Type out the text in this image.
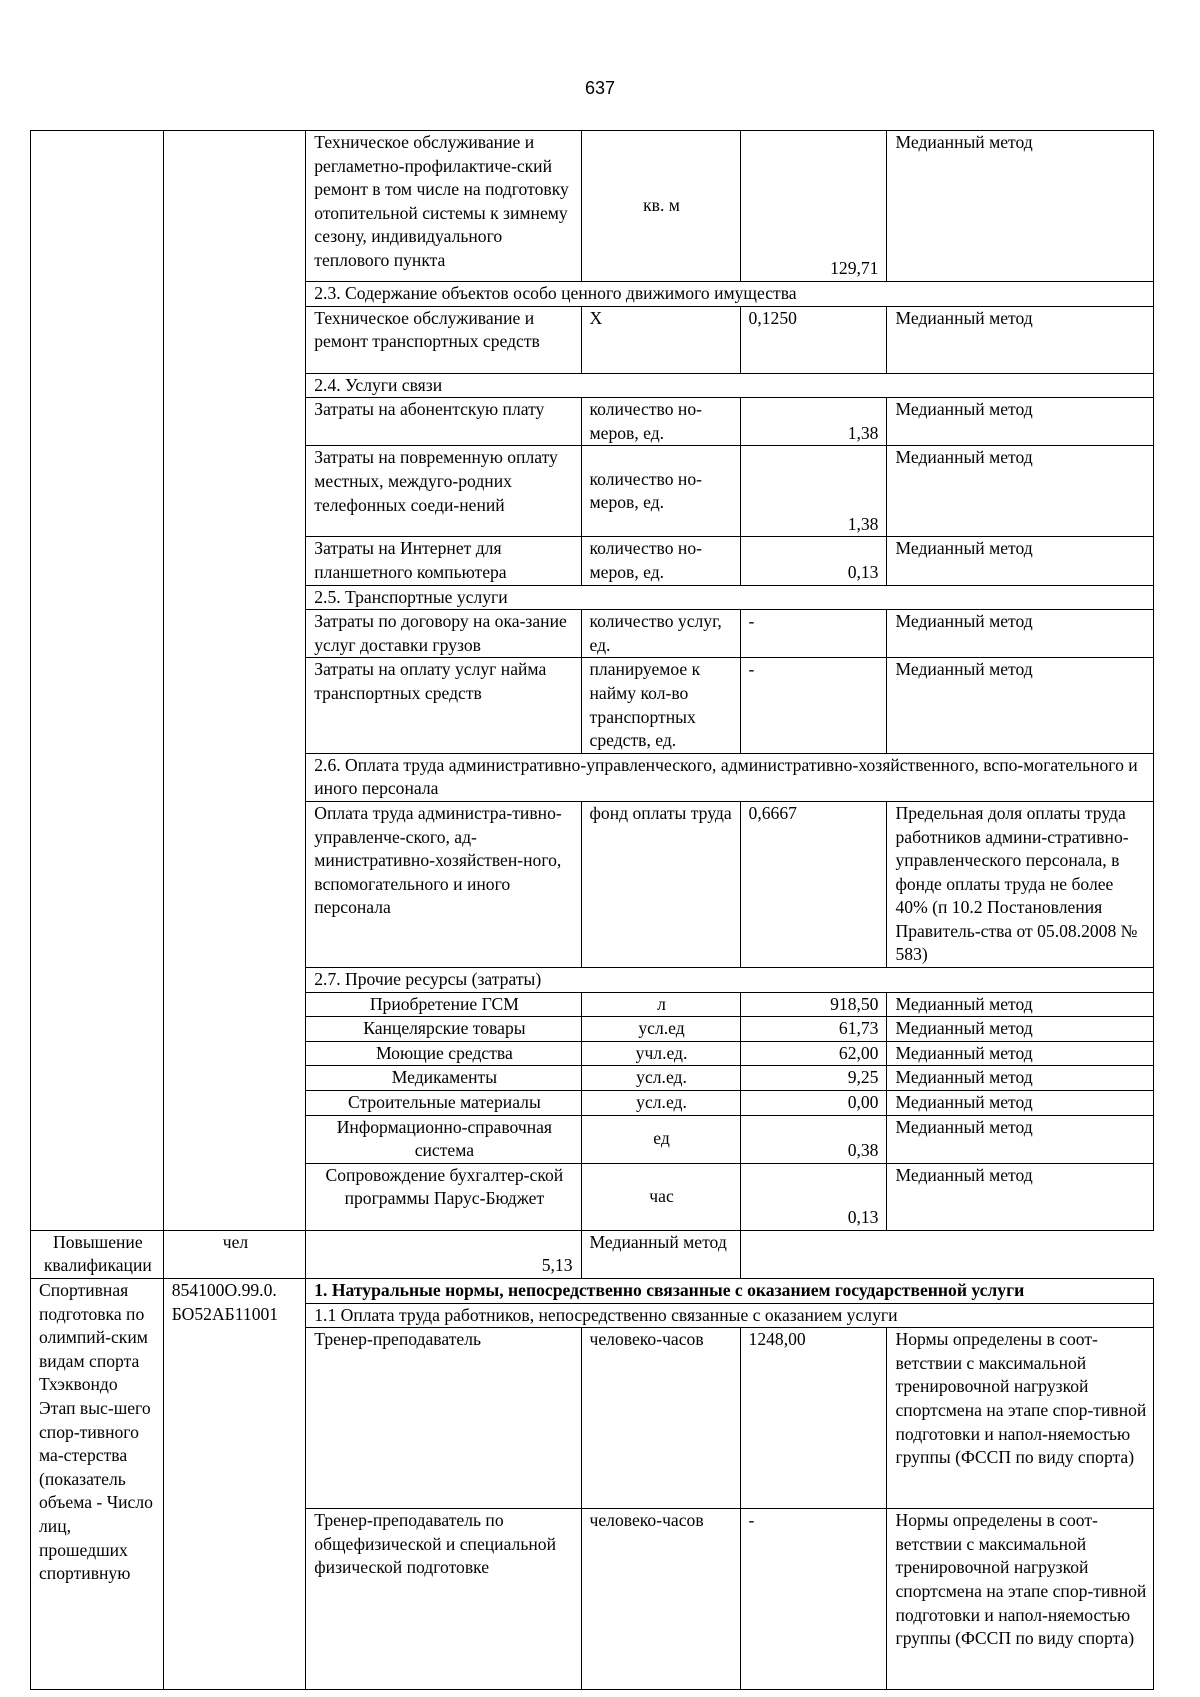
637
		Техническое обслуживание и регламетно-профилактиче-ский ремонт в том числе на подготовку отопительной системы к зимнему сезону, индивидуального теплового пункта	кв. м	129,71	Медианный метод
		2.3. Содержание объектов особо ценного движимого имущества			
		Техническое обслуживание и ремонт транспортных средств	Х	0,1250	Медианный метод
		2.4. Услуги связи			
		Затраты на абонентскую плату	количество но-меров, ед.	1,38	Медианный метод
		Затраты на повременную оплату местных, междуго-родних телефонных соеди-нений	количество но-меров, ед.	1,38	Медианный метод
		Затраты на Интернет для планшетного компьютера	количество но-меров, ед.	0,13	Медианный метод
		2.5. Транспортные услуги			
		Затраты по договору на ока-зание услуг доставки грузов	количество услуг, ед.	-	Медианный метод
		Затраты на оплату услуг найма транспортных средств	планируемое к найму кол-во транспортных средств, ед.	-	Медианный метод
		2.6. Оплата труда административно-управленческого, административно-хозяйственного, вспо-могательного и иного персонала			
		Оплата труда администра-тивно-управленче-ского, ад-министративно-хозяйствен-ного, вспомогательного и иного персонала	фонд оплаты труда	0,6667	Предельная доля оплаты труда работников админи-стративно-управленческого персонала, в фонде оплаты труда не более 40% (п 10.2 Постановления Правитель-ства от 05.08.2008 № 583)
		2.7. Прочие ресурсы (затраты)			
		Приобретение ГСМ	л	918,50	Медианный метод
		Канцелярские товары	усл.ед	61,73	Медианный метод
		Моющие средства	учл.ед.	62,00	Медианный метод
		Медикаменты	усл.ед.	9,25	Медианный метод
		Строительные материалы	усл.ед.	0,00	Медианный метод
		Информационно-справочная система	ед	0,38	Медианный метод
		Сопровождение бухгалтер-ской программы Парус-Бюджет	час	0,13	Медианный метод
Повышение квалификации	чел	5,13	Медианный метод		
Спортивная подготовка по олимпий-ским видам спорта Тхэквондо Этап выс-шего спор-тивного ма-стерства (показатель объема - Число лиц, прошедших спортивную	854100О.99.0. БО52АБ11001	1. Натуральные нормы, непосредственно связанные с оказанием государственной услуги			
		1.1 Оплата труда работников, непосредственно связанные с оказанием услуги			
		Тренер-преподаватель	человеко-часов	1248,00	Нормы определены в соот-ветствии с максимальной тренировочной нагрузкой спортсмена на этапе спор-тивной подготовки и напол-няемостью группы (ФССП по виду спорта)
		Тренер-преподаватель по общефизической и специальной физической подготовке	человеко-часов	-	Нормы определены в соот-ветствии с максимальной тренировочной нагрузкой спортсмена на этапе спор-тивной подготовки и напол-няемостью группы (ФССП по виду спорта)
